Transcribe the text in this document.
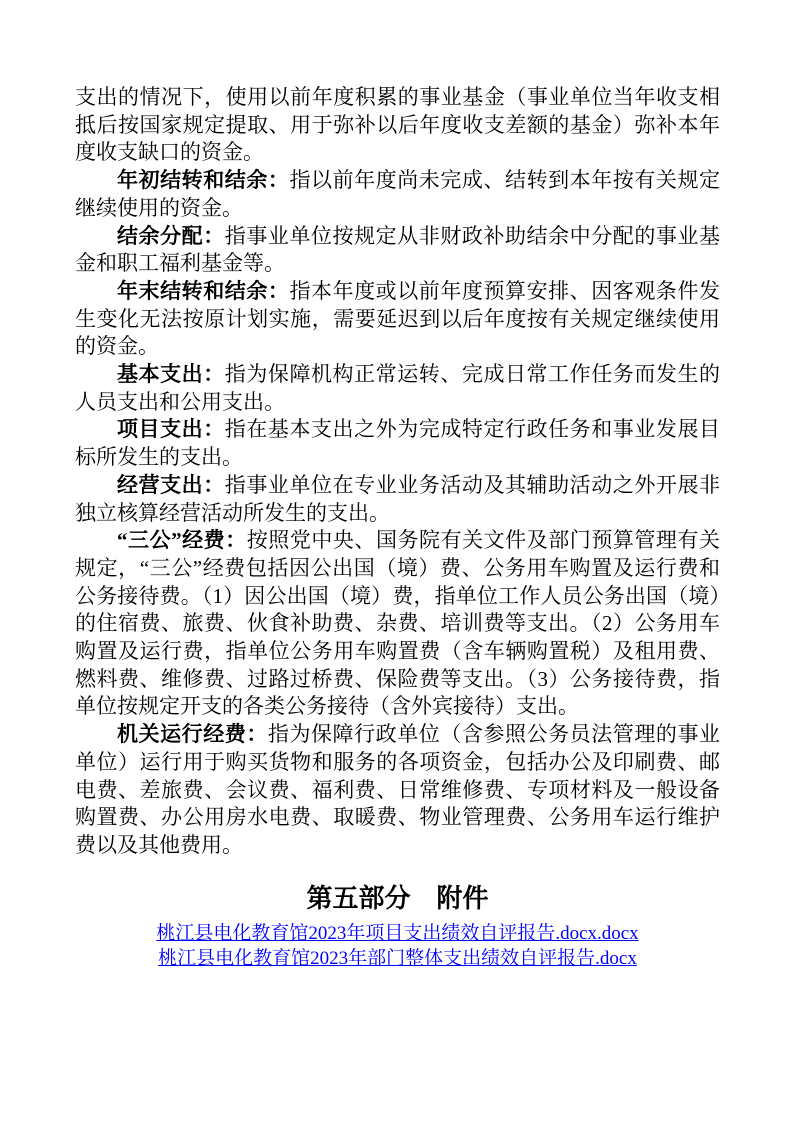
支出的情况下，使用以前年度积累的事业基金（事业单位当年收支相抵后按国家规定提取、用于弥补以后年度收支差额的基金）弥补本年度收支缺口的资金。

年初结转和结余：指以前年度尚未完成、结转到本年按有关规定继续使用的资金。

结余分配：指事业单位按规定从非财政补助结余中分配的事业基金和职工福利基金等。

年末结转和结余：指本年度或以前年度预算安排、因客观条件发生变化无法按原计划实施，需要延迟到以后年度按有关规定继续使用的资金。

基本支出：指为保障机构正常运转、完成日常工作任务而发生的人员支出和公用支出。

项目支出：指在基本支出之外为完成特定行政任务和事业发展目标所发生的支出。

经营支出：指事业单位在专业业务活动及其辅助活动之外开展非独立核算经营活动所发生的支出。

“三公”经费：按照党中央、国务院有关文件及部门预算管理有关规定，“三公”经费包括因公出国（境）费、公务用车购置及运行费和公务接待费。（1）因公出国（境）费，指单位工作人员公务出国（境）的住宿费、旅费、伙食补助费、杂费、培训费等支出。（2）公务用车购置及运行费，指单位公务用车购置费（含车辆购置税）及租用费、燃料费、维修费、过路过桥费、保险费等支出。（3）公务接待费，指单位按规定开支的各类公务接待（含外宾接待）支出。

机关运行经费：指为保障行政单位（含参照公务员法管理的事业单位）运行用于购买货物和服务的各项资金，包括办公及印刷费、邮电费、差旅费、会议费、福利费、日常维修费、专项材料及一般设备购置费、办公用房水电费、取暖费、物业管理费、公务用车运行维护费以及其他费用。

第五部分　附件
桃江县电化教育馆2023年项目支出绩效自评报告.docx.docx
桃江县电化教育馆2023年部门整体支出绩效自评报告.docx
